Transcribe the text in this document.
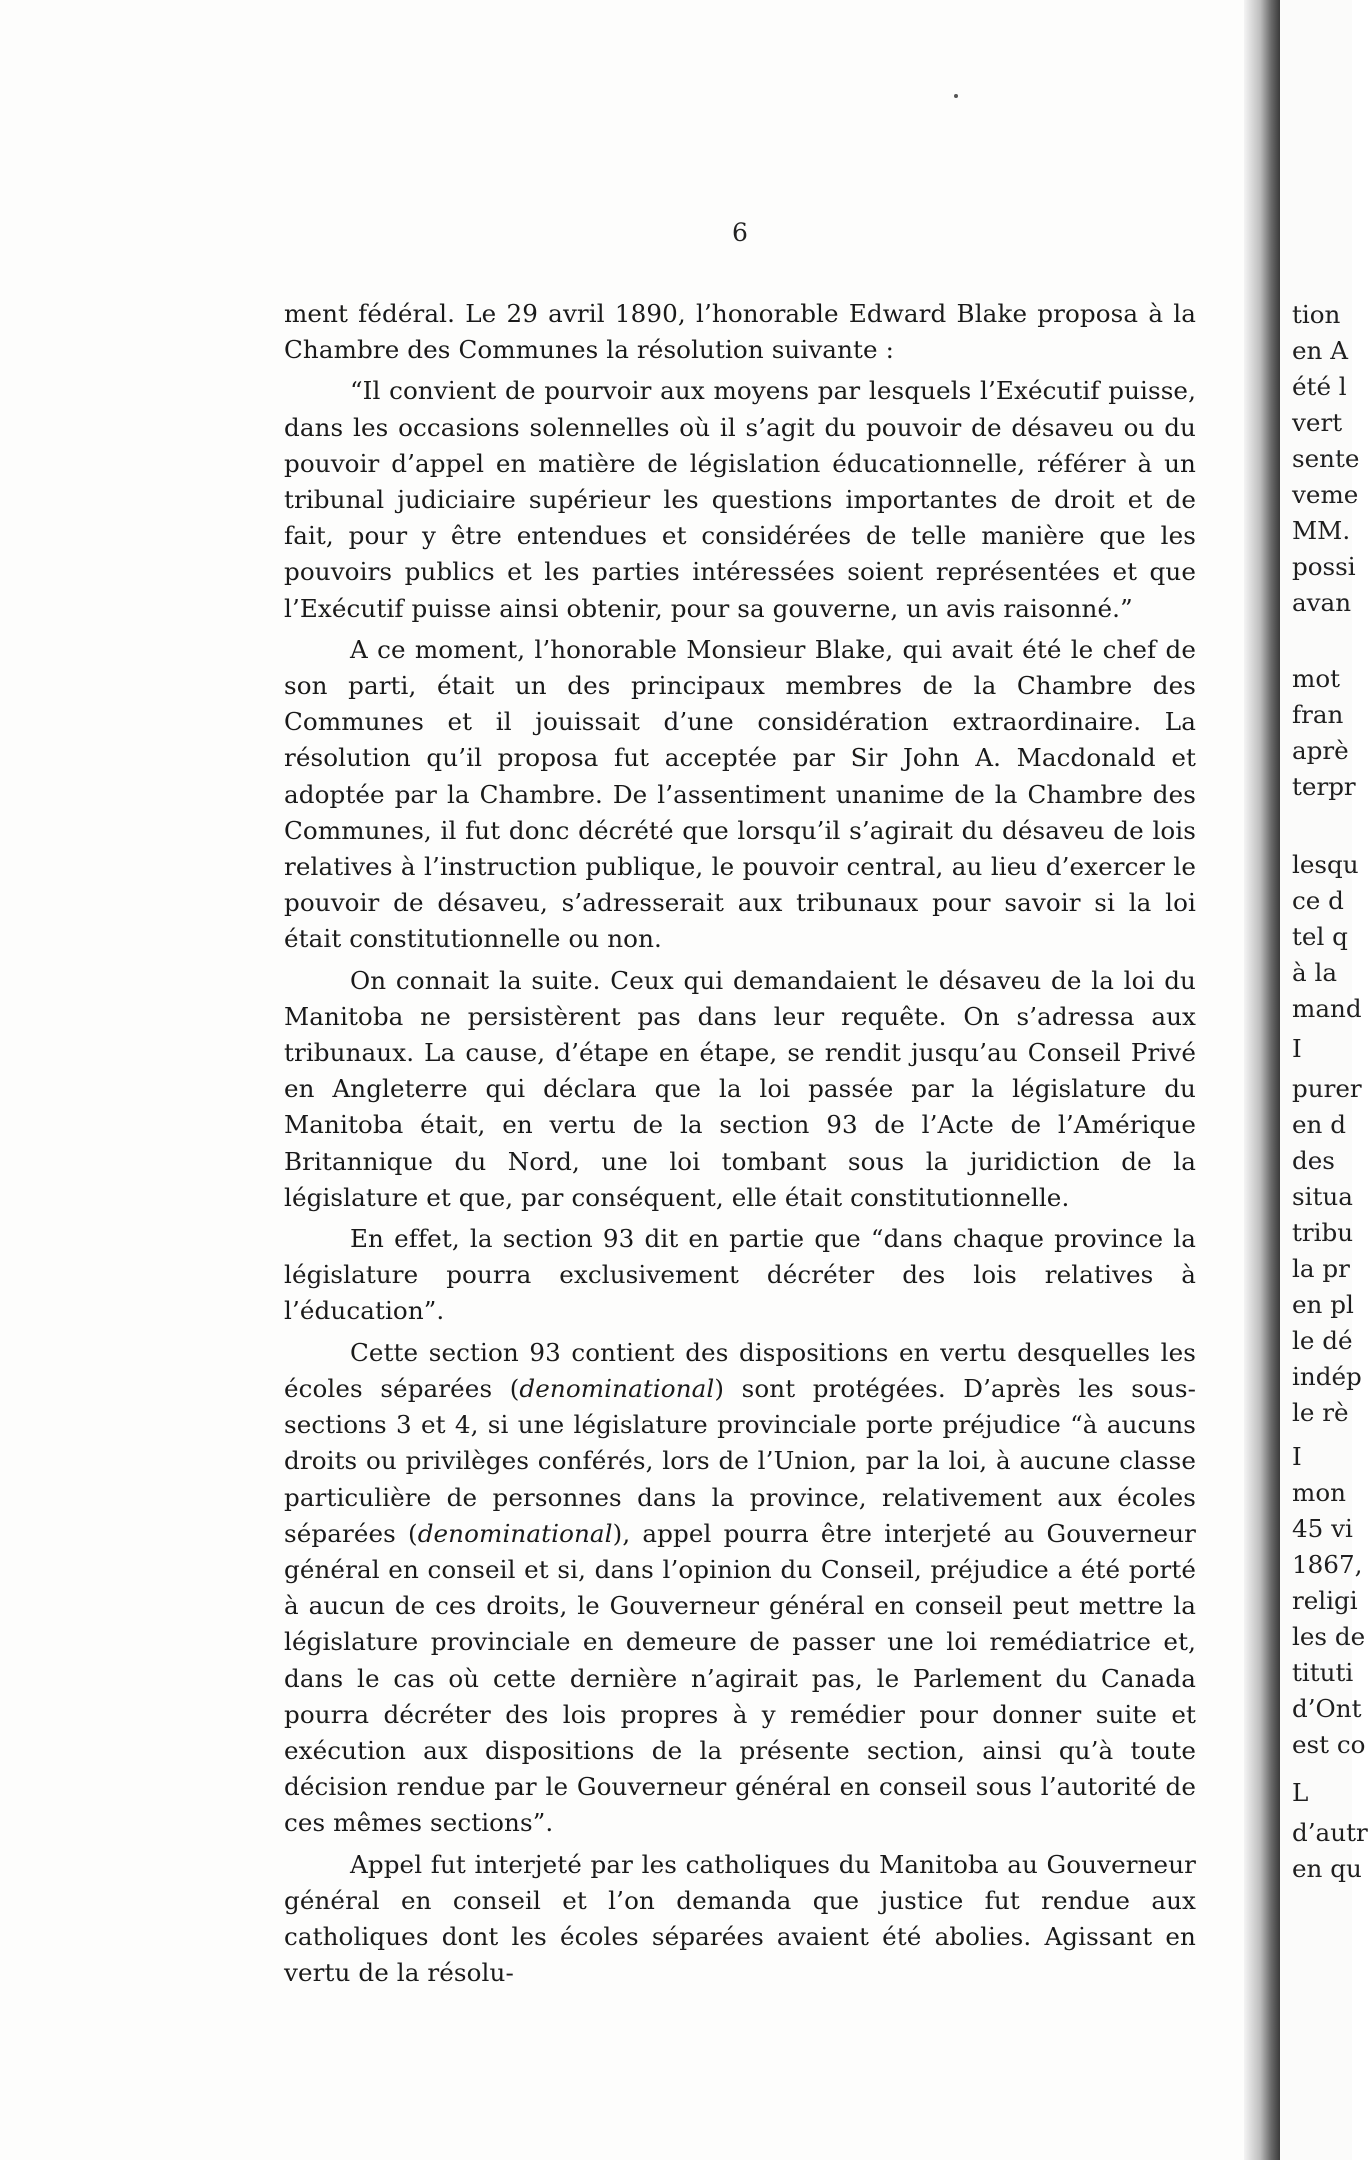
6

ment fédéral. Le 29 avril 1890, l’honorable Edward Blake proposa à la Chambre des Communes la résolution suivante :

“Il convient de pourvoir aux moyens par lesquels l’Exécutif puisse, dans les occasions solennelles où il s’agit du pouvoir de désaveu ou du pouvoir d’appel en matière de législation éducationnelle, référer à un tribunal judiciaire supérieur les questions importantes de droit et de fait, pour y être entendues et considérées de telle manière que les pouvoirs publics et les parties intéressées soient représentées et que l’Exécutif puisse ainsi obtenir, pour sa gouverne, un avis raisonné.”

A ce moment, l’honorable Monsieur Blake, qui avait été le chef de son parti, était un des principaux membres de la Chambre des Communes et il jouissait d’une considération extraordinaire. La résolution qu’il proposa fut acceptée par Sir John A. Macdonald et adoptée par la Chambre. De l’assentiment unanime de la Chambre des Communes, il fut donc décrété que lorsqu’il s’agirait du désaveu de lois relatives à l’instruction publique, le pouvoir central, au lieu d’exercer le pouvoir de désaveu, s’adresserait aux tribunaux pour savoir si la loi était constitutionnelle ou non.

On connait la suite. Ceux qui demandaient le désaveu de la loi du Manitoba ne persistèrent pas dans leur requête. On s’adressa aux tribunaux. La cause, d’étape en étape, se rendit jusqu’au Conseil Privé en Angleterre qui déclara que la loi passée par la législature du Manitoba était, en vertu de la section 93 de l’Acte de l’Amérique Britannique du Nord, une loi tombant sous la juridiction de la législature et que, par conséquent, elle était constitutionnelle.

En effet, la section 93 dit en partie que “dans chaque province la législature pourra exclusivement décréter des lois relatives à l’éducation”.

Cette section 93 contient des dispositions en vertu desquelles les écoles séparées (denominational) sont protégées. D’après les sous-sections 3 et 4, si une législature provinciale porte préjudice “à aucuns droits ou privilèges conférés, lors de l’Union, par la loi, à aucune classe particulière de personnes dans la province, relativement aux écoles séparées (denominational), appel pourra être interjeté au Gouverneur général en conseil et si, dans l’opinion du Conseil, préjudice a été porté à aucun de ces droits, le Gouverneur général en conseil peut mettre la législature provinciale en demeure de passer une loi remédiatrice et, dans le cas où cette dernière n’agirait pas, le Parlement du Canada pourra décréter des lois propres à y remédier pour donner suite et exécution aux dispositions de la présente section, ainsi qu’à toute décision rendue par le Gouverneur général en conseil sous l’autorité de ces mêmes sections”.

Appel fut interjeté par les catholiques du Manitoba au Gouverneur général en conseil et l’on demanda que justice fut rendue aux catholiques dont les écoles séparées avaient été abolies. Agissant en vertu de la résolu-

tion
en A
été l
vert
sente
veme
MM.
possi
avan
mot
fran
aprè
terpr
lesqu
ce d
tel q
à la
mand
I
purer
en d
des
situa
tribu
la pr
en pl
le dé
indép
le rè
I
mon
45 vi
1867,
religi
les de
tituti
d’Ont
est co
L
d’autr
en qu
